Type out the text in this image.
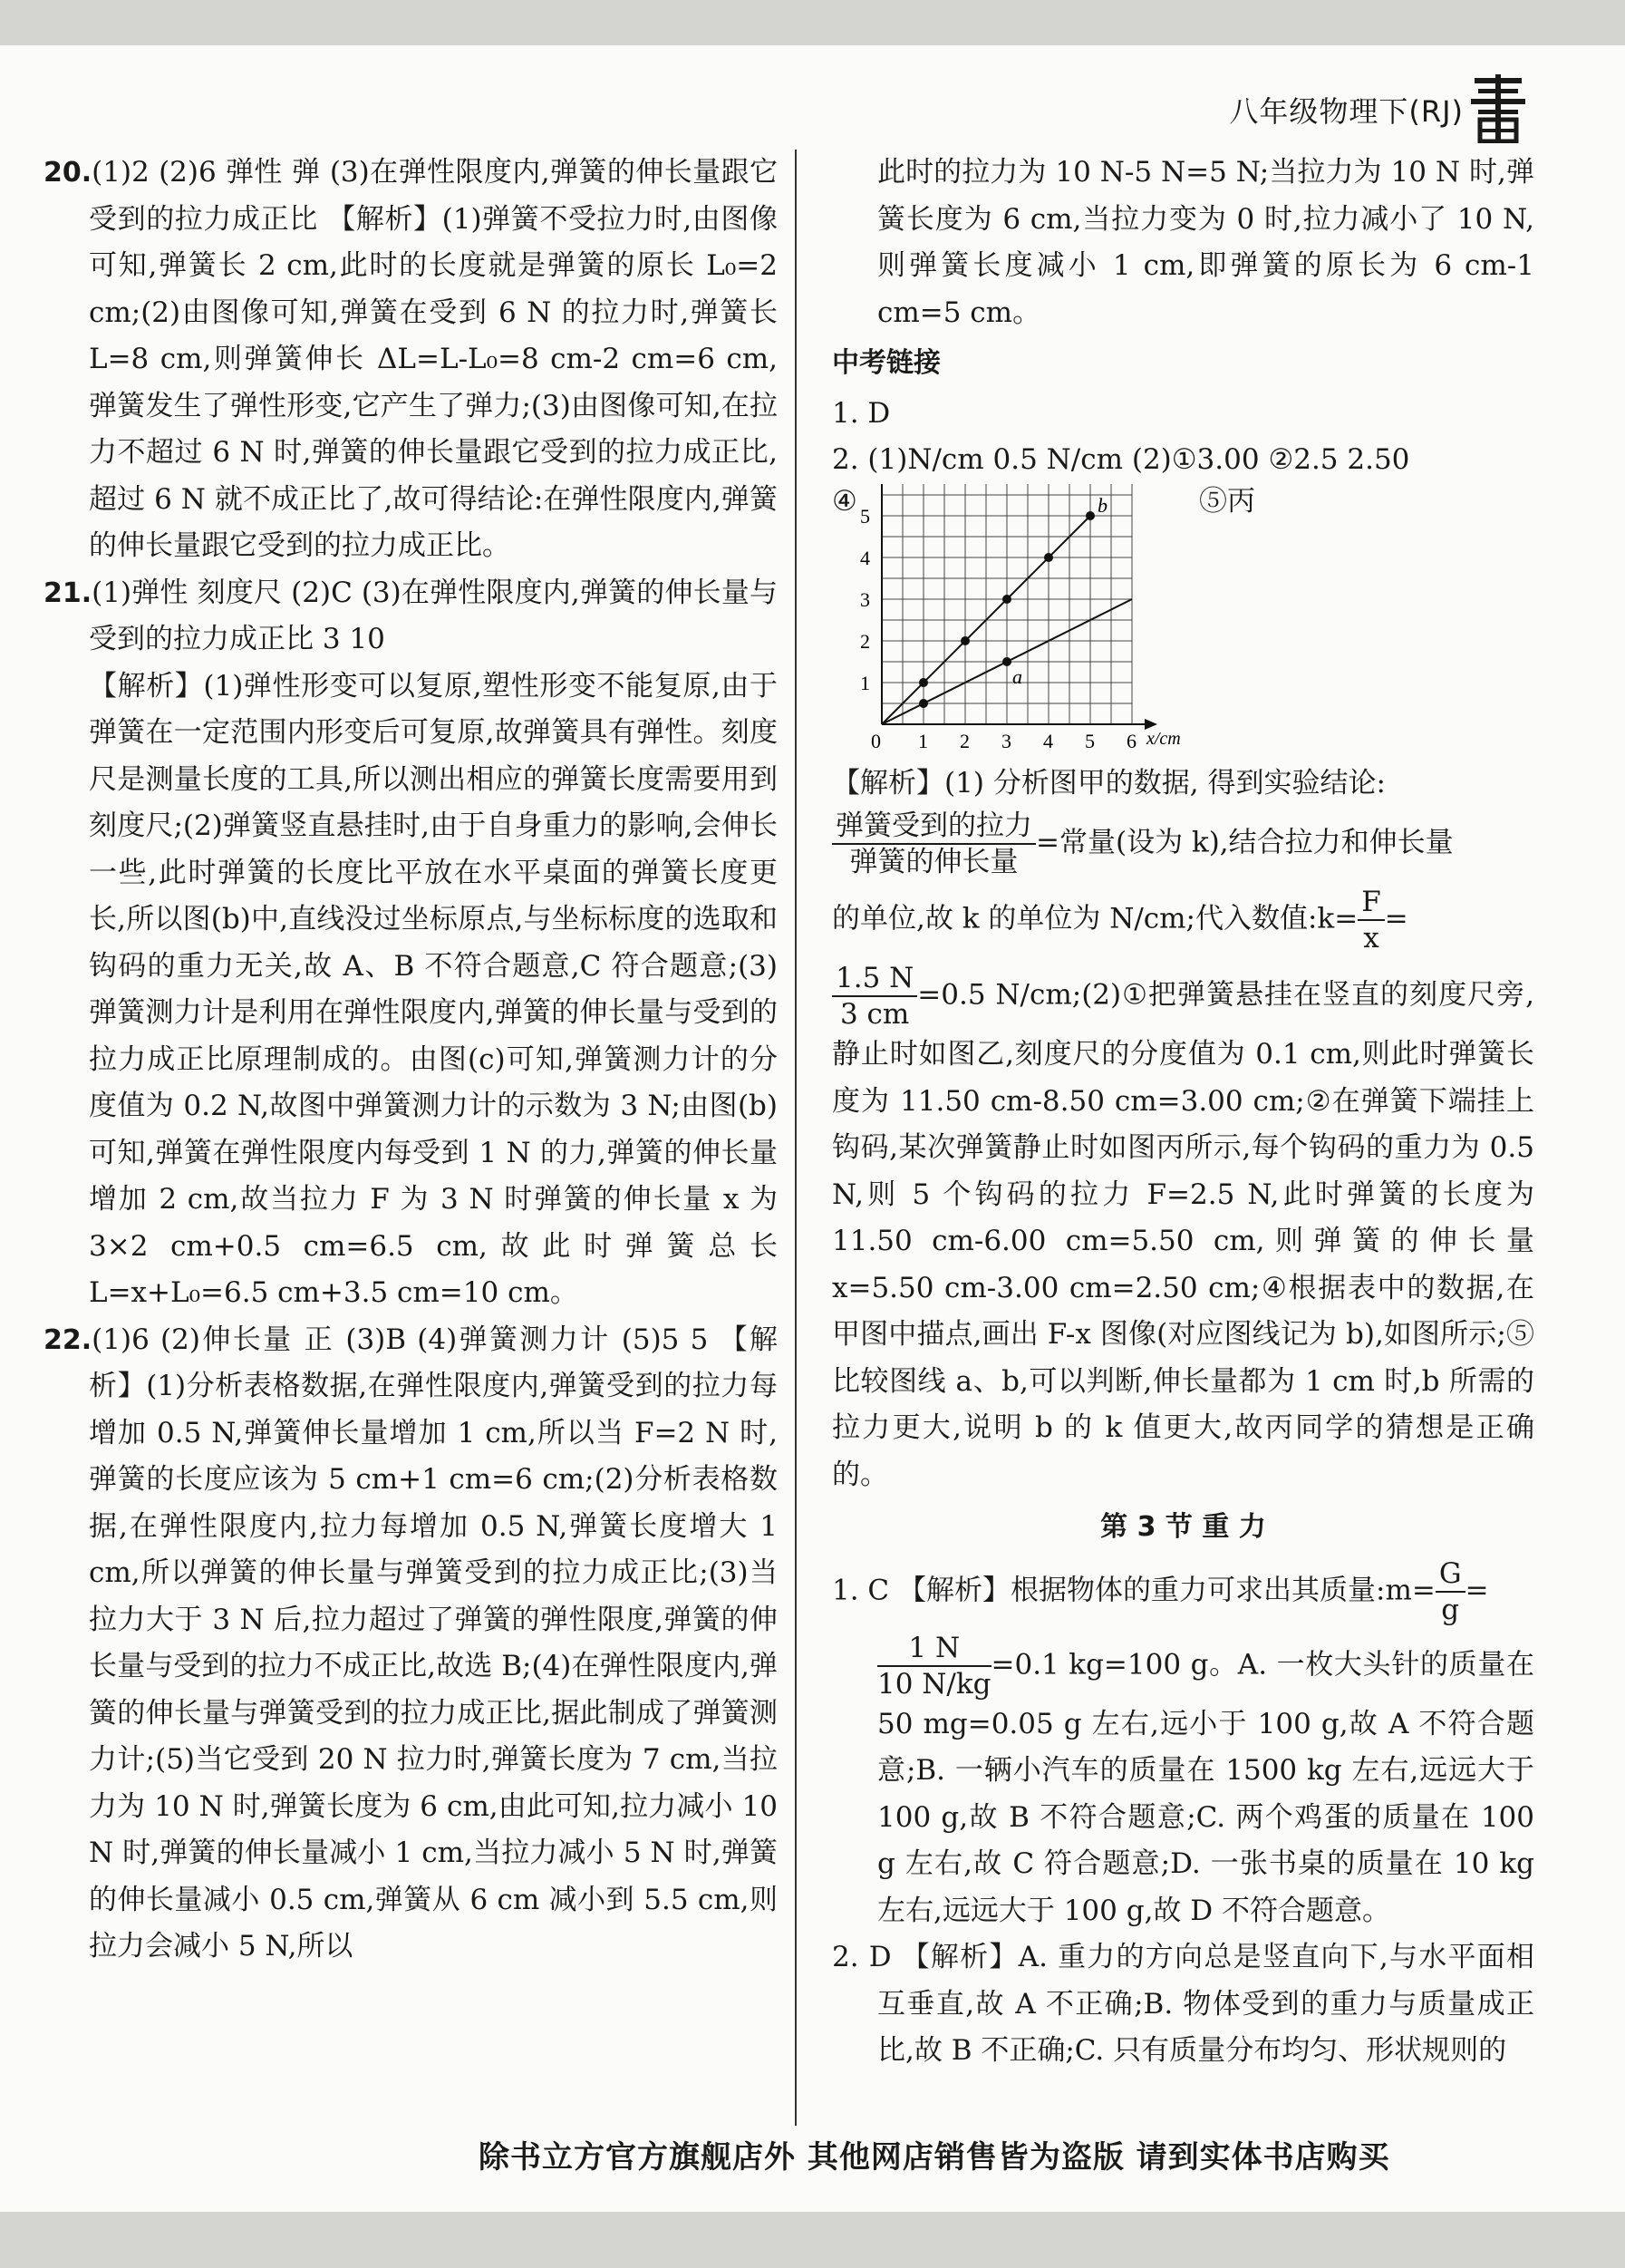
八年级物理下(RJ)

20.(1)2 (2)6 弹性 弹 (3)在弹性限度内,弹簧的伸长量跟它受到的拉力成正比 【解析】(1)弹簧不受拉力时,由图像可知,弹簧长 2 cm,此时的长度就是弹簧的原长 L₀=2 cm;(2)由图像可知,弹簧在受到 6 N 的拉力时,弹簧长 L=8 cm,则弹簧伸长 ΔL=L-L₀=8 cm-2 cm=6 cm,弹簧发生了弹性形变,它产生了弹力;(3)由图像可知,在拉力不超过 6 N 时,弹簧的伸长量跟它受到的拉力成正比,超过 6 N 就不成正比了,故可得结论:在弹性限度内,弹簧的伸长量跟它受到的拉力成正比。

21.(1)弹性 刻度尺 (2)C (3)在弹性限度内,弹簧的伸长量与受到的拉力成正比 3 10

【解析】(1)弹性形变可以复原,塑性形变不能复原,由于弹簧在一定范围内形变后可复原,故弹簧具有弹性。刻度尺是测量长度的工具,所以测出相应的弹簧长度需要用到刻度尺;(2)弹簧竖直悬挂时,由于自身重力的影响,会伸长一些,此时弹簧的长度比平放在水平桌面的弹簧长度更长,所以图(b)中,直线没过坐标原点,与坐标标度的选取和钩码的重力无关,故 A、B 不符合题意,C 符合题意;(3)弹簧测力计是利用在弹性限度内,弹簧的伸长量与受到的拉力成正比原理制成的。由图(c)可知,弹簧测力计的分度值为 0.2 N,故图中弹簧测力计的示数为 3 N;由图(b)可知,弹簧在弹性限度内每受到 1 N 的力,弹簧的伸长量增加 2 cm,故当拉力 F 为 3 N 时弹簧的伸长量 x 为 3×2 cm+0.5 cm=6.5 cm,故此时弹簧总长 L=x+L₀=6.5 cm+3.5 cm=10 cm。

22.(1)6 (2)伸长量 正 (3)B (4)弹簧测力计 (5)5 5 【解析】(1)分析表格数据,在弹性限度内,弹簧受到的拉力每增加 0.5 N,弹簧伸长量增加 1 cm,所以当 F=2 N 时,弹簧的长度应该为 5 cm+1 cm=6 cm;(2)分析表格数据,在弹性限度内,拉力每增加 0.5 N,弹簧长度增大 1 cm,所以弹簧的伸长量与弹簧受到的拉力成正比;(3)当拉力大于 3 N 后,拉力超过了弹簧的弹性限度,弹簧的伸长量与受到的拉力不成正比,故选 B;(4)在弹性限度内,弹簧的伸长量与弹簧受到的拉力成正比,据此制成了弹簧测力计;(5)当它受到 20 N 拉力时,弹簧长度为 7 cm,当拉力为 10 N 时,弹簧长度为 6 cm,由此可知,拉力减小 10 N 时,弹簧的伸长量减小 1 cm,当拉力减小 5 N 时,弹簧的伸长量减小 0.5 cm,弹簧从 6 cm 减小到 5.5 cm,则拉力会减小 5 N,所以

此时的拉力为 10 N-5 N=5 N;当拉力为 10 N 时,弹簧长度为 6 cm,当拉力变为 0 时,拉力减小了 10 N,则弹簧长度减小 1 cm,即弹簧的原长为 6 cm-1 cm=5 cm。

中考链接

1. D

2. (1)N/cm 0.5 N/cm (2)①3.00 ②2.5 2.50

x/cm
0 1 2 3 4 5 6
1
2
3
4
5	b
a
④	⑤丙

【解析】(1) 分析图甲的数据, 得到实验结论:

$\frac{\text{弹簧受到的拉力}}{\text{弹簧的伸长量}}$ =常量(设为 k),结合拉力和伸长量

的单位,故 k 的单位为 N/cm;代入数值:k= $\frac{F}{x}$ =

$\frac{1.5 N}{3 cm} =0.5$ N/cm;(2)①把弹簧悬挂在竖直的刻度尺旁,静止时如图乙,刻度尺的分度值为 0.1 cm,则此时弹簧长度为 11.50 cm-8.50 cm=3.00 cm;②在弹簧下端挂上钩码,某次弹簧静止时如图丙所示,每个钩码的重力为 0.5 N,则 5 个钩码的拉力 F=2.5 N,此时弹簧的长度为 11.50 cm-6.00 cm=5.50 cm,则弹簧的伸长量 x=5.50 cm-3.00 cm=2.50 cm;④根据表中的数据,在甲图中描点,画出 F-x 图像(对应图线记为 b),如图所示;⑤比较图线 a、b,可以判断,伸长量都为 1 cm 时,b 所需的拉力更大,说明 b 的 k 值更大,故丙同学的猜想是正确的。

第 3 节 重 力

1. C 【解析】根据物体的重力可求出其质量:m= $\frac{G}{g}$ =

$\frac{1 N}{10 N/kg} =0.1$ kg=100 g。A. 一枚大头针的质量在 50 mg=0.05 g 左右,远小于 100 g,故 A 不符合题意;B. 一辆小汽车的质量在 1500 kg 左右,远远大于 100 g,故 B 不符合题意;C. 两个鸡蛋的质量在 100 g 左右,故 C 符合题意;D. 一张书桌的质量在 10 kg 左右,远远大于 100 g,故 D 不符合题意。

2. D 【解析】A. 重力的方向总是竖直向下,与水平面相互垂直,故 A 不正确;B. 物体受到的重力与质量成正比,故 B 不正确;C. 只有质量分布均匀、形状规则的

除书立方官方旗舰店外 其他网店销售皆为盗版 请到实体书店购买
